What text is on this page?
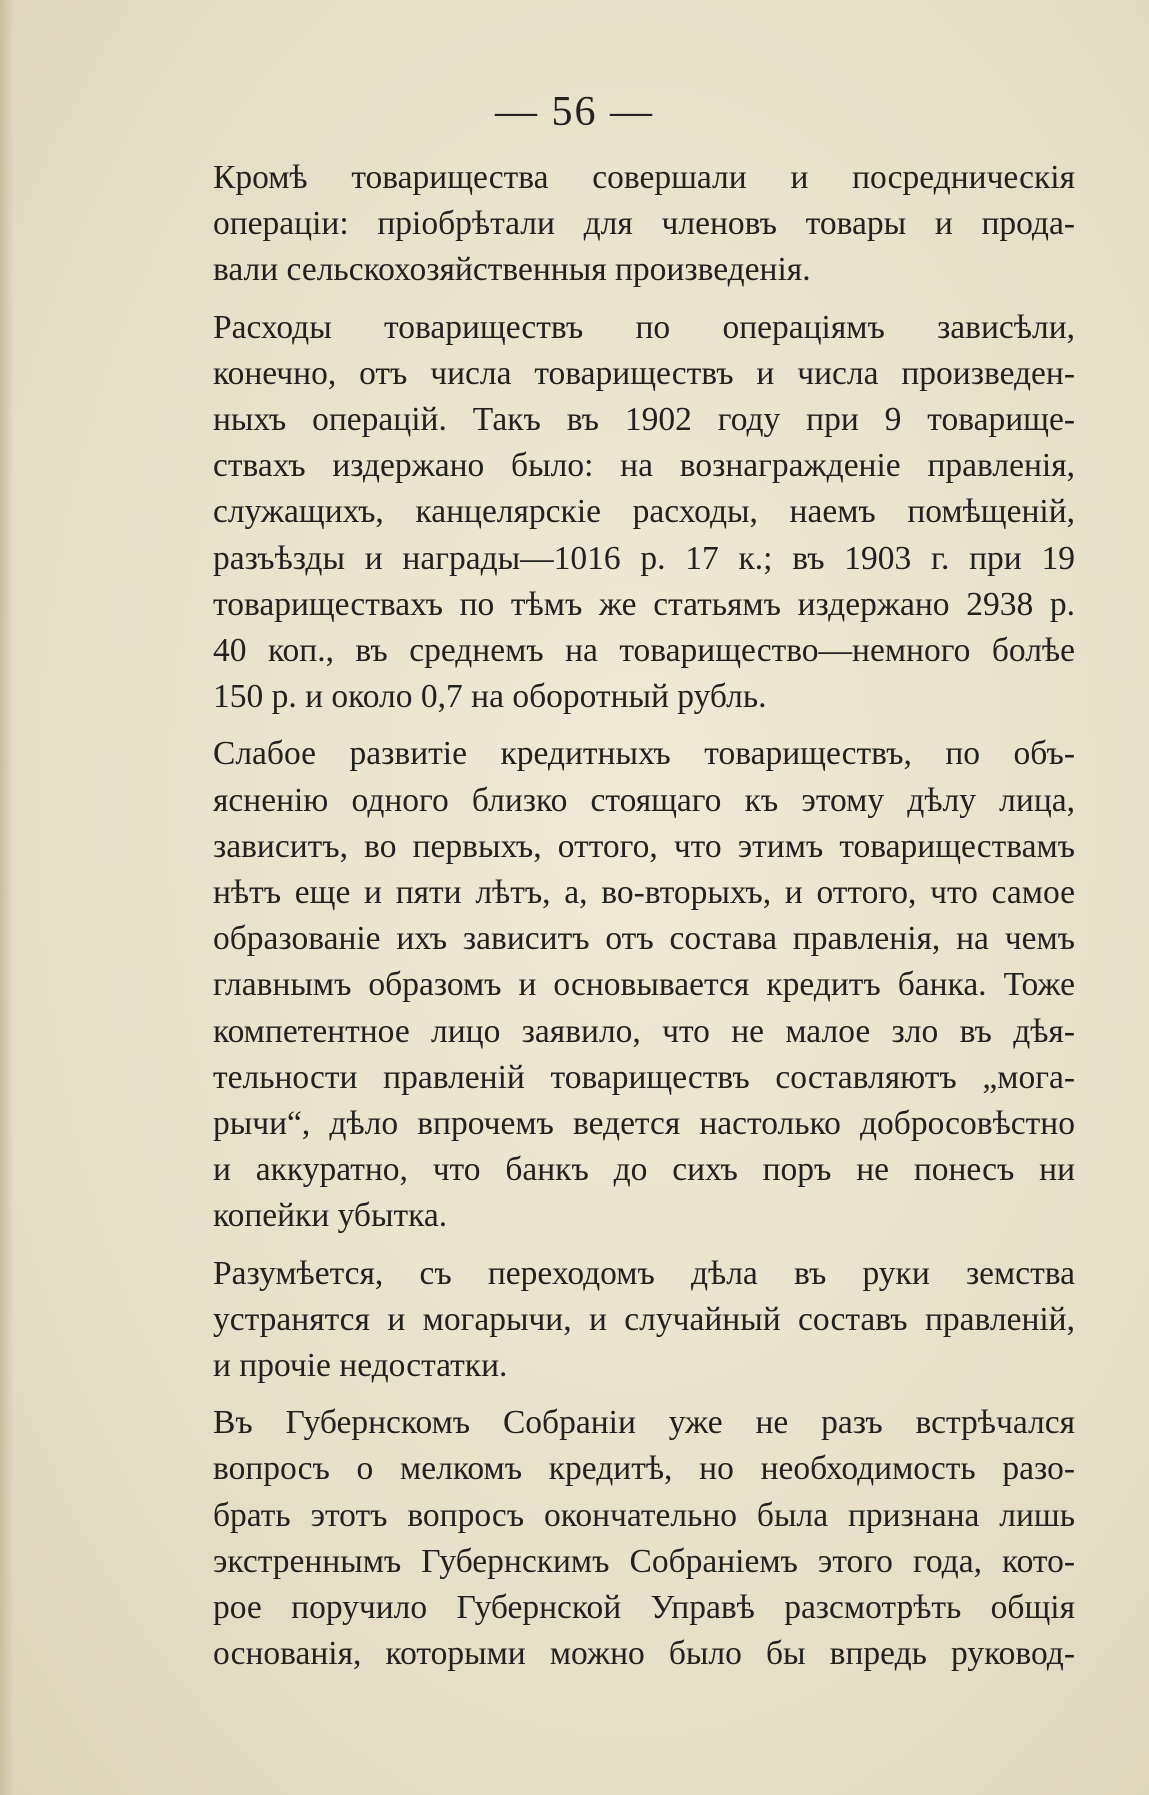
— 56 —

Кромѣ товарищества совершали и посредническія
операціи: пріобрѣтали для членовъ товары и прода-
вали сельскохозяйственныя произведенія.

Расходы товариществъ по операціямъ зависѣли,
конечно, отъ числа товариществъ и числа произведен-
ныхъ операцій. Такъ въ 1902 году при 9 товарище-
ствахъ издержано было: на вознагражденіе правленія,
служащихъ, канцелярскіе расходы, наемъ помѣщеній,
разъѣзды и награды—1016 р. 17 к.; въ 1903 г. при 19
товариществахъ по тѣмъ же статьямъ издержано 2938 р.
40 коп., въ среднемъ на товарищество—немного болѣе
150 р. и около 0,7 на оборотный рубль.

Слабое развитіе кредитныхъ товариществъ, по объ-
ясненію одного близко стоящаго къ этому дѣлу лица,
зависитъ, во первыхъ, оттого, что этимъ товариществамъ
нѣтъ еще и пяти лѣтъ, а, во-вторыхъ, и оттого, что самое
образованіе ихъ зависитъ отъ состава правленія, на чемъ
главнымъ образомъ и основывается кредитъ банка. Тоже
компетентное лицо заявило, что не малое зло въ дѣя-
тельности правленій товариществъ составляютъ „мога-
рычи“, дѣло впрочемъ ведется настолько добросовѣстно
и аккуратно, что банкъ до сихъ поръ не понесъ ни
копейки убытка.

Разумѣется, съ переходомъ дѣла въ руки земства
устранятся и могарычи, и случайный составъ правленій,
и прочіе недостатки.

Въ Губернскомъ Собраніи уже не разъ встрѣчался
вопросъ о мелкомъ кредитѣ, но необходимость разо-
брать этотъ вопросъ окончательно была признана лишь
экстреннымъ Губернскимъ Собраніемъ этого года, кото-
рое поручило Губернской Управѣ разсмотрѣть общія
основанія, которыми можно было бы впредь руковод-
